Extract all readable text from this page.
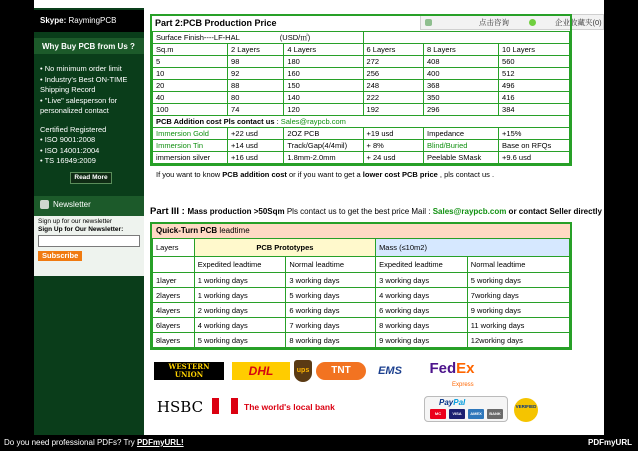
点击咨询	企业收藏夹(0)
Skype: RaymingPCB
Why Buy PCB from Us ?
• No minimum order limit
• Industry's Best ON-TIME
Shipping Record
• "Live" salesperson for
personalized contact
Certified Registered
• ISO 9001:2008
• ISO 14001:2004
• TS 16949:2009
Read More
Newsletter
Sign up for our newsletter
Sign Up for Our Newsletter:
Subscribe
Part 2:PCB Production Price
Surface Finish----LF-HAL (USD/㎡)					
Sq.m	2 Layers	4 Layers	6 Layers	8 Layers	10 Layers
5	98	180	272	408	560
10	92	160	256	400	512
20	88	150	248	368	496
40	80	140	222	350	416
100	74	120	192	296	384
PCB Addition cost Pls contact us : Sales@raypcb.com					
Immersion Gold	+22 usd	2OZ PCB	+19 usd	Impedance	+15%
Immersion Tin	+14 usd	Track/Gap(4/4mil)	+ 8%	Blind/Buried	Base on RFQs
immersion silver	+16 usd	1.8mm-2.0mm	+ 24 usd	Peelable SMask	+9.6 usd
If you want to know PCB addition cost or if you want to get a lower cost PCB price , pls contact us .
Part III : Mass production >50Sqm Pls contact us to get the best price Mail : Sales@raypcb.com or contact Seller directly
Quick-Turn PCB leadtime
Layers	PCB Prototypes		Mass (≤10m2)	
	Expedited leadtime	Normal leadtime	Expedited leadtime	Normal leadtime
1layer	1 working days	3 working days	3 working days	5 working days
2layers	1 working days	5 working days	4 working days	7working days
4layers	2 working days	6 working days	6 working days	9 working days
6layers	4 working days	7 working days	8 working days	11 working days
8layers	5 working days	8 working days	9 working days	12working days
WESTERN UNION	DHL	ups	TNT	EMS	FedEx
Express
HSBC	The world's local bank	PayPal
MC	VISA	AMEX	BANK
VERIFIED
Do you need professional PDFs? Try PDFmyURL!	PDFmyURL
